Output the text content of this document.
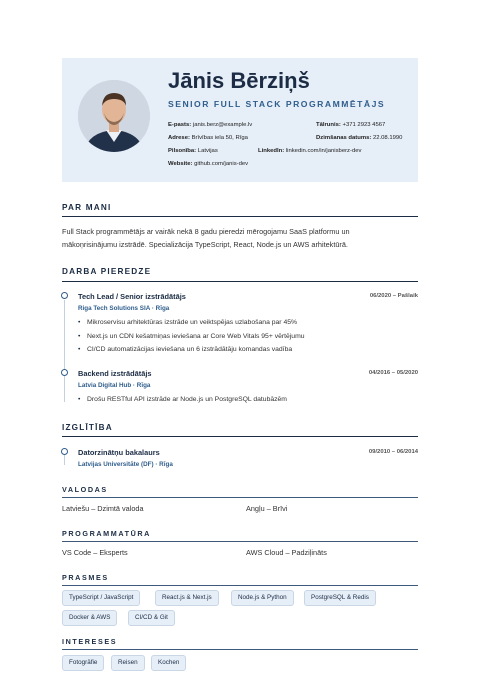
Jānis Bērziņš
SENIOR FULL STACK PROGRAMMĒTĀJS
E-pasts: janis.berz@example.lv	Tālrunis: +371 2923 4567
Adrese: Brīvības iela 50, Rīga	Dzimšanas datums: 22.08.1990
Pilsonība: Latvijas	LinkedIn: linkedin.com/in/janisberz-dev
Website: github.com/janis-dev
PAR MANI
Full Stack programmētājs ar vairāk nekā 8 gadu pieredzi mērogojamu SaaS platformu un
mākoņrisinājumu izstrādē. Specializācija TypeScript, React, Node.js un AWS arhitektūrā.
DARBA PIEREDZE
Tech Lead / Senior izstrādātājs	06/2020 – Pašlaik
Riga Tech Solutions SIA · Rīga
• Mikroservisu arhitektūras izstrāde un veiktspējas uzlabošana par 45%
• Next.js un CDN kešatmiņas ieviešana ar Core Web Vitals 95+ vērtējumu
• CI/CD automatizācijas ieviešana un 6 izstrādātāju komandas vadība
Backend izstrādātājs	04/2016 – 05/2020
Latvia Digital Hub · Rīga
• Drošu RESTful API izstrāde ar Node.js un PostgreSQL datubāzēm
IZGLĪTĪBA
Datorzinātņu bakalaurs	09/2010 – 06/2014
Latvijas Universitāte (DF) · Rīga
VALODAS
Latviešu – Dzimtā valoda	Angļu – Brīvi
PROGRAMMATŪRA
VS Code – Eksperts	AWS Cloud – Padziļināts
PRASMES
TypeScript / JavaScript	React.js & Next.js	Node.js & Python	PostgreSQL & Redis
Docker & AWS	CI/CD & Git
INTERESES
Fotogrāfie	Reisen	Kochen
